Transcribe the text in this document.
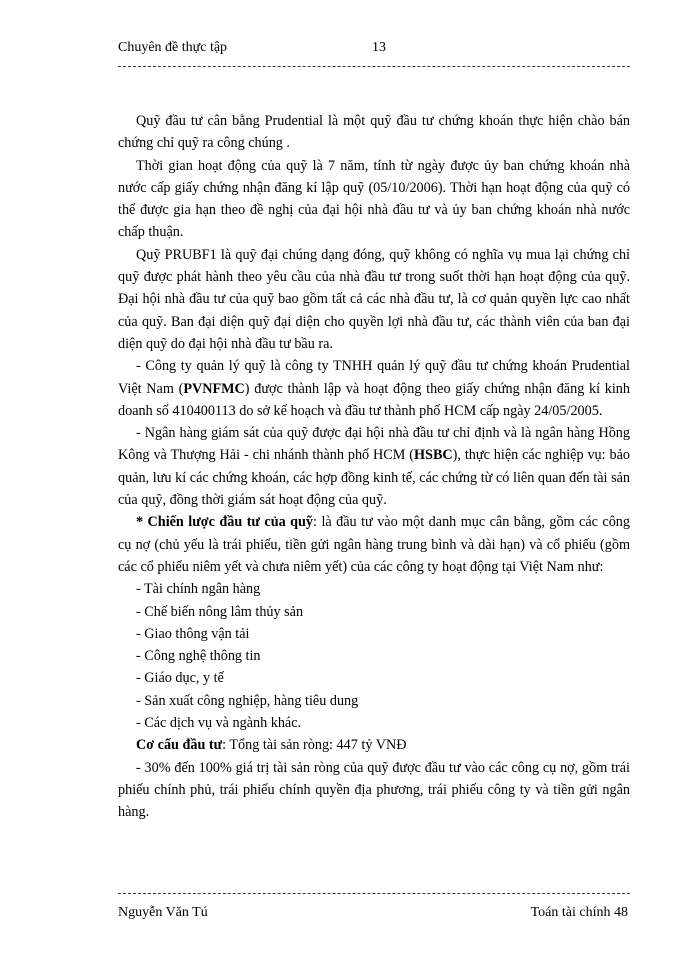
Chuyên đề thực tập	13

Quỹ đầu tư cân bằng Prudential là một quỹ đầu tư chứng khoán thực hiện chào bán chứng chỉ quỹ ra công chúng .

Thời gian hoạt động của quỹ là 7 năm, tính từ ngày được ủy ban chứng khoán nhà nước cấp giấy chứng nhận đăng kí lập quỹ (05/10/2006). Thời hạn hoạt động của quỹ có thể được gia hạn theo đề nghị của đại hội nhà đầu tư và ủy ban chứng khoán nhà nước chấp thuận.

Quỹ PRUBF1 là quỹ đại chúng dạng đóng, quỹ không có nghĩa vụ mua lại chứng chỉ quỹ được phát hành theo yêu cầu của nhà đầu tư trong suốt thời hạn hoạt động của quỹ. Đại hội nhà đầu tư của quỹ bao gồm tất cả các nhà đầu tư, là cơ quản quyền lực cao nhất của quỹ. Ban đại diện quỹ đại diện cho quyền lợi nhà đầu tư, các thành viên của ban đại diện quỹ do đại hội nhà đầu tư bầu ra.

- Công ty quản lý quỹ là công ty TNHH quản lý quỹ đầu tư chứng khoán Prudential Việt Nam (PVNFMC) được thành lập và hoạt động theo giấy chứng nhận đăng kí kinh doanh số 410400113 do sở kế hoạch và đầu tư thành phố HCM cấp ngày 24/05/2005.

- Ngân hàng giám sát của quỹ được đại hội nhà đầu tư chỉ định và là ngân hàng Hồng Kông và Thượng Hải - chi nhánh thành phố HCM (HSBC), thực hiện các nghiệp vụ: bảo quản, lưu kí các chứng khoán, các hợp đồng kinh tế, các chứng từ có liên quan đến tài sản của quỹ, đồng thời giám sát hoạt động của quỹ.

* Chiến lược đầu tư của quỹ: là đầu tư vào một danh mục cân bằng, gồm các công cụ nợ (chủ yếu là trái phiếu, tiền gửi ngân hàng trung bình và dài hạn) và cổ phiếu (gồm các cổ phiếu niêm yết và chưa niêm yết) của các công ty hoạt động tại Việt Nam như:

- Tài chính ngân hàng

- Chế biến nông lâm thủy sản

- Giao thông vận tải

- Công nghệ thông tin

- Giáo dục, y tế

- Sản xuất công nghiệp, hàng tiêu dung

- Các dịch vụ và ngành khác.

Cơ cấu đầu tư: Tổng tài sản ròng: 447 tỷ VNĐ

- 30% đến 100% giá trị tài sản ròng của quỹ được đầu tư vào các công cụ nợ, gồm trái phiếu chính phủ, trái phiếu chính quyền địa phương, trái phiếu công ty và tiền gửi ngân hàng.

Nguyễn Văn Tú	Toán tài chính 48
